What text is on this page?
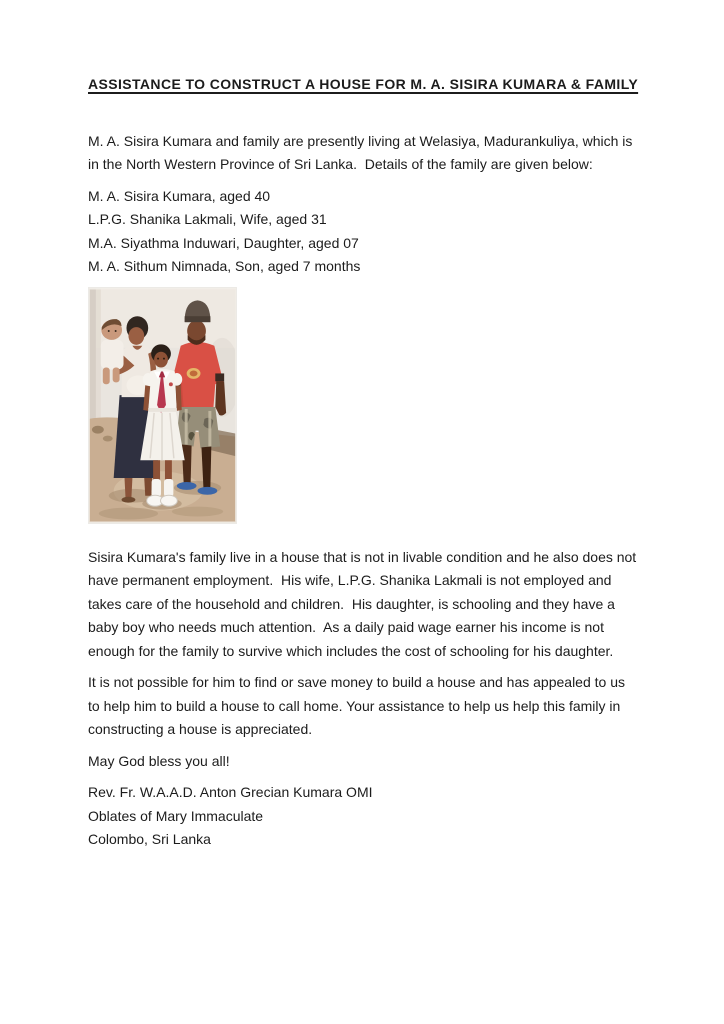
ASSISTANCE TO CONSTRUCT A HOUSE FOR M. A. SISIRA KUMARA & FAMILY

M. A. Sisira Kumara and family are presently living at Welasiya, Madurankuliya, which is in the North Western Province of Sri Lanka.  Details of the family are given below:

M. A. Sisira Kumara, aged 40
L.P.G. Shanika Lakmali, Wife, aged 31
M.A. Siyathma Induwari, Daughter, aged 07
M. A. Sithum Nimnada, Son, aged 7 months

Sisira Kumara's family live in a house that is not in livable condition and he also does not have permanent employment.  His wife, L.P.G. Shanika Lakmali is not employed and takes care of the household and children.  His daughter, is schooling and they have a baby boy who needs much attention.  As a daily paid wage earner his income is not enough for the family to survive which includes the cost of schooling for his daughter.

It is not possible for him to find or save money to build a house and has appealed to us to help him to build a house to call home. Your assistance to help us help this family in constructing a house is appreciated.

May God bless you all!

Rev. Fr. W.A.A.D. Anton Grecian Kumara OMI
Oblates of Mary Immaculate
Colombo, Sri Lanka
